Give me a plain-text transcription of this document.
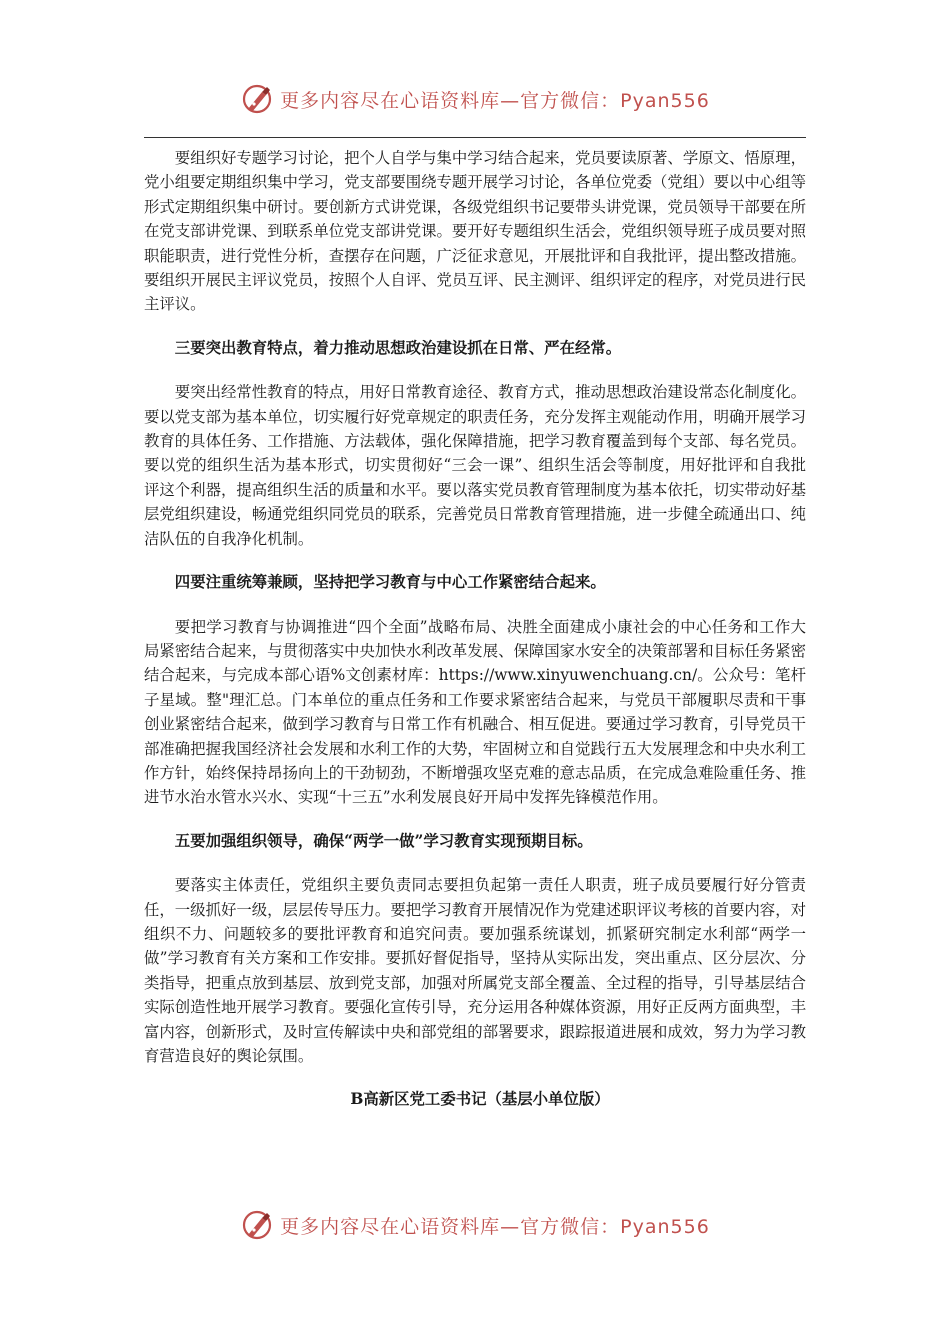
更多内容尽在心语资料库—官方微信：Pyan556

要组织好专题学习讨论，把个人自学与集中学习结合起来，党员要读原著、学原文、悟原理，党小组要定期组织集中学习，党支部要围绕专题开展学习讨论，各单位党委（党组）要以中心组等形式定期组织集中研讨。要创新方式讲党课，各级党组织书记要带头讲党课，党员领导干部要在所在党支部讲党课、到联系单位党支部讲党课。要开好专题组织生活会，党组织领导班子成员要对照职能职责，进行党性分析，查摆存在问题，广泛征求意见，开展批评和自我批评，提出整改措施。要组织开展民主评议党员，按照个人自评、党员互评、民主测评、组织评定的程序，对党员进行民主评议。

三要突出教育特点，着力推动思想政治建设抓在日常、严在经常。

要突出经常性教育的特点，用好日常教育途径、教育方式，推动思想政治建设常态化制度化。要以党支部为基本单位，切实履行好党章规定的职责任务，充分发挥主观能动作用，明确开展学习教育的具体任务、工作措施、方法载体，强化保障措施，把学习教育覆盖到每个支部、每名党员。要以党的组织生活为基本形式，切实贯彻好“三会一课”、组织生活会等制度，用好批评和自我批评这个利器，提高组织生活的质量和水平。要以落实党员教育管理制度为基本依托，切实带动好基层党组织建设，畅通党组织同党员的联系，完善党员日常教育管理措施，进一步健全疏通出口、纯洁队伍的自我净化机制。

四要注重统筹兼顾，坚持把学习教育与中心工作紧密结合起来。

要把学习教育与协调推进“四个全面”战略布局、决胜全面建成小康社会的中心任务和工作大局紧密结合起来，与贯彻落实中央加快水利改革发展、保障国家水安全的决策部署和目标任务紧密结合起来，与完成本部心语%文创素材库：https://www.xinyuwenchuang.cn/。公众号：笔杆子星域。整"理汇总。门本单位的重点任务和工作要求紧密结合起来，与党员干部履职尽责和干事创业紧密结合起来，做到学习教育与日常工作有机融合、相互促进。要通过学习教育，引导党员干部准确把握我国经济社会发展和水利工作的大势，牢固树立和自觉践行五大发展理念和中央水利工作方针，始终保持昂扬向上的干劲韧劲，不断增强攻坚克难的意志品质，在完成急难险重任务、推进节水治水管水兴水、实现“十三五”水利发展良好开局中发挥先锋模范作用。

五要加强组织领导，确保“两学一做”学习教育实现预期目标。

要落实主体责任，党组织主要负责同志要担负起第一责任人职责，班子成员要履行好分管责任，一级抓好一级，层层传导压力。要把学习教育开展情况作为党建述职评议考核的首要内容，对组织不力、问题较多的要批评教育和追究问责。要加强系统谋划，抓紧研究制定水利部“两学一做”学习教育有关方案和工作安排。要抓好督促指导，坚持从实际出发，突出重点、区分层次、分类指导，把重点放到基层、放到党支部，加强对所属党支部全覆盖、全过程的指导，引导基层结合实际创造性地开展学习教育。要强化宣传引导，充分运用各种媒体资源，用好正反两方面典型，丰富内容，创新形式，及时宣传解读中央和部党组的部署要求，跟踪报道进展和成效，努力为学习教育营造良好的舆论氛围。

B高新区党工委书记（基层小单位版）

更多内容尽在心语资料库—官方微信：Pyan556
